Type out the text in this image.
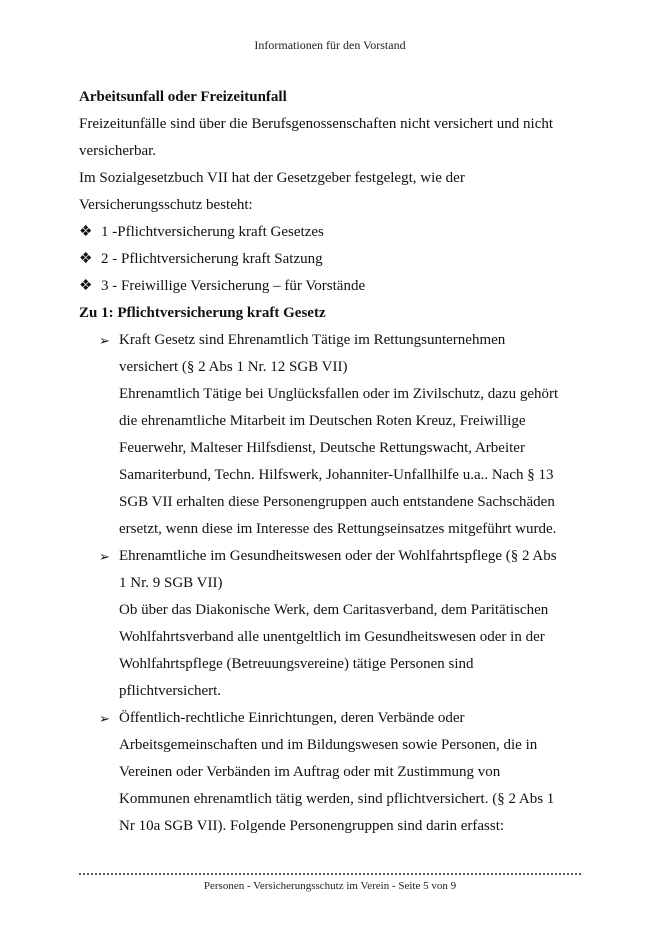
Informationen für den Vorstand
Arbeitsunfall oder Freizeitunfall
Freizeitunfälle sind über die Berufsgenossenschaften nicht versichert und nicht
versicherbar.
Im Sozialgesetzbuch VII hat der Gesetzgeber festgelegt, wie der
Versicherungsschutz besteht:
❖ 1 -Pflichtversicherung kraft Gesetzes
❖ 2 - Pflichtversicherung kraft Satzung
❖ 3 - Freiwillige Versicherung – für Vorstände
Zu 1: Pflichtversicherung kraft Gesetz
➢ Kraft Gesetz sind Ehrenamtlich Tätige im Rettungsunternehmen
versichert (§ 2 Abs 1 Nr. 12 SGB VII)
Ehrenamtlich Tätige bei Unglücksfallen oder im Zivilschutz, dazu gehört
die ehrenamtliche Mitarbeit im Deutschen Roten Kreuz, Freiwillige
Feuerwehr, Malteser Hilfsdienst, Deutsche Rettungswacht, Arbeiter
Samariterbund, Techn. Hilfswerk, Johanniter-Unfallhilfe u.a.. Nach § 13
SGB VII erhalten diese Personengruppen auch entstandene Sachschäden
ersetzt, wenn diese im Interesse des Rettungseinsatzes mitgeführt wurde.
➢ Ehrenamtliche im Gesundheitswesen oder der Wohlfahrtspflege (§ 2 Abs
1 Nr. 9 SGB VII)
Ob über das Diakonische Werk, dem Caritasverband, dem Paritätischen
Wohlfahrtsverband alle unentgeltlich im Gesundheitswesen oder in der
Wohlfahrtspflege (Betreuungsvereine) tätige Personen sind
pflichtversichert.
➢ Öffentlich-rechtliche Einrichtungen, deren Verbände oder
Arbeitsgemeinschaften und im Bildungswesen sowie Personen, die in
Vereinen oder Verbänden im Auftrag oder mit Zustimmung von
Kommunen ehrenamtlich tätig werden, sind pflichtversichert. (§ 2 Abs 1
Nr 10a SGB VII). Folgende Personengruppen sind darin erfasst:
Personen - Versicherungsschutz im Verein - Seite 5 von 9
